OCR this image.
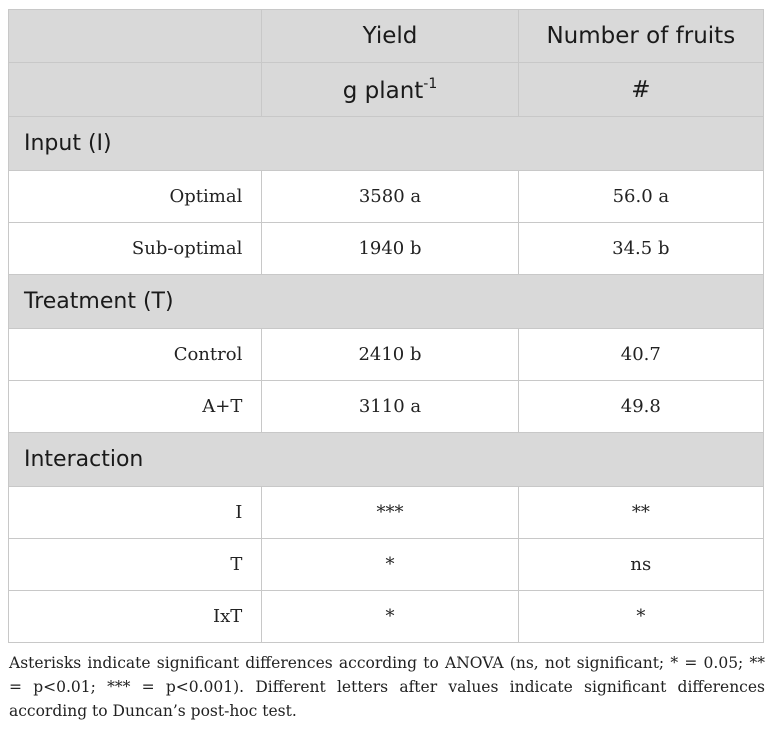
	Yield	Number of fruits
	g plant$^{-1}$	#
Input (I)		
Optimal	3580 a	56.0 a
Sub-optimal	1940 b	34.5 b
Treatment (T)		
Control	2410 b	40.7
A+T	3110 a	49.8
Interaction		
I	***	**
T	*	ns
IxT	*	*

Asterisks indicate significant differences according to ANOVA (ns, not significant; * = 0.05; ** = p<0.01; *** = p<0.001). Different letters after values indicate significant differences according to Duncan’s post-hoc test.
